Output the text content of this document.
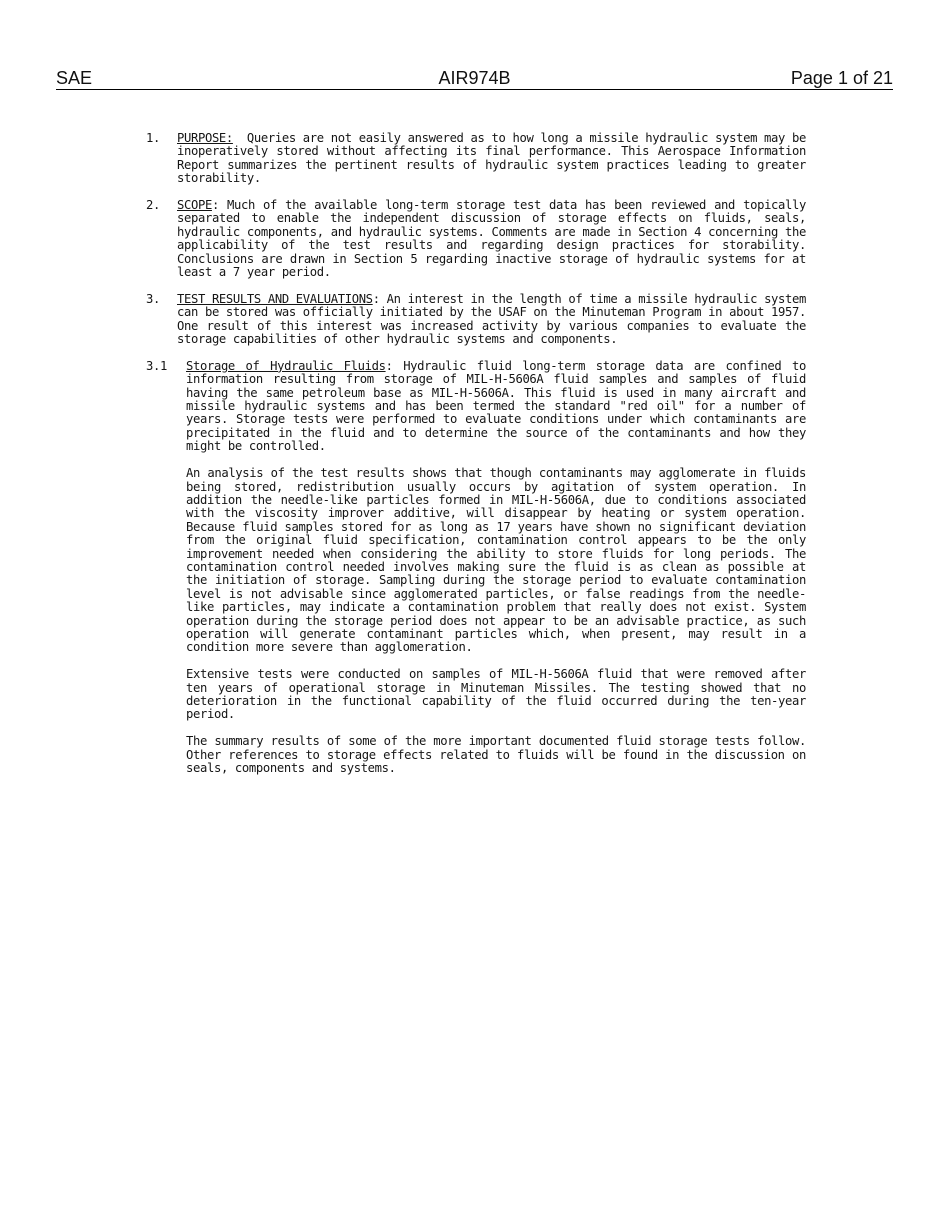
SAE	AIR974B	Page 1 of 21
1. PURPOSE: Queries are not easily answered as to how long a missile hydraulic system may be inoperatively stored without affecting its final performance. This Aerospace Information Report summarizes the pertinent results of hydraulic system practices leading to greater storability.

2. SCOPE: Much of the available long-term storage test data has been reviewed and topically separated to enable the independent discussion of storage effects on fluids, seals, hydraulic components, and hydraulic systems. Comments are made in Section 4 concerning the applicability of the test results and regarding design practices for storability. Conclusions are drawn in Section 5 regarding inactive storage of hydraulic systems for at least a 7 year period.

3. TEST RESULTS AND EVALUATIONS: An interest in the length of time a missile hydraulic system can be stored was officially initiated by the USAF on the Minuteman Program in about 1957. One result of this interest was increased activity by various companies to evaluate the storage capabilities of other hydraulic systems and components.

3.1 Storage of Hydraulic Fluids: Hydraulic fluid long-term storage data are confined to information resulting from storage of MIL-H-5606A fluid samples and samples of fluid having the same petroleum base as MIL-H-5606A. This fluid is used in many aircraft and missile hydraulic systems and has been termed the standard "red oil" for a number of years. Storage tests were performed to evaluate conditions under which contaminants are precipitated in the fluid and to determine the source of the contaminants and how they might be controlled.

An analysis of the test results shows that though contaminants may agglomerate in fluids being stored, redistribution usually occurs by agitation of system operation. In addition the needle-like particles formed in MIL-H-5606A, due to conditions associated with the viscosity improver additive, will disappear by heating or system operation. Because fluid samples stored for as long as 17 years have shown no significant deviation from the original fluid specification, contamination control appears to be the only improvement needed when considering the ability to store fluids for long periods. The contamination control needed involves making sure the fluid is as clean as possible at the initiation of storage. Sampling during the storage period to evaluate contamination level is not advisable since agglomerated particles, or false readings from the needle-like particles, may indicate a contamination problem that really does not exist. System operation during the storage period does not appear to be an advisable practice, as such operation will generate contaminant particles which, when present, may result in a condition more severe than agglomeration.

Extensive tests were conducted on samples of MIL-H-5606A fluid that were removed after ten years of operational storage in Minuteman Missiles. The testing showed that no deterioration in the functional capability of the fluid occurred during the ten-year period.

The summary results of some of the more important documented fluid storage tests follow. Other references to storage effects related to fluids will be found in the discussion on seals, components and systems.
